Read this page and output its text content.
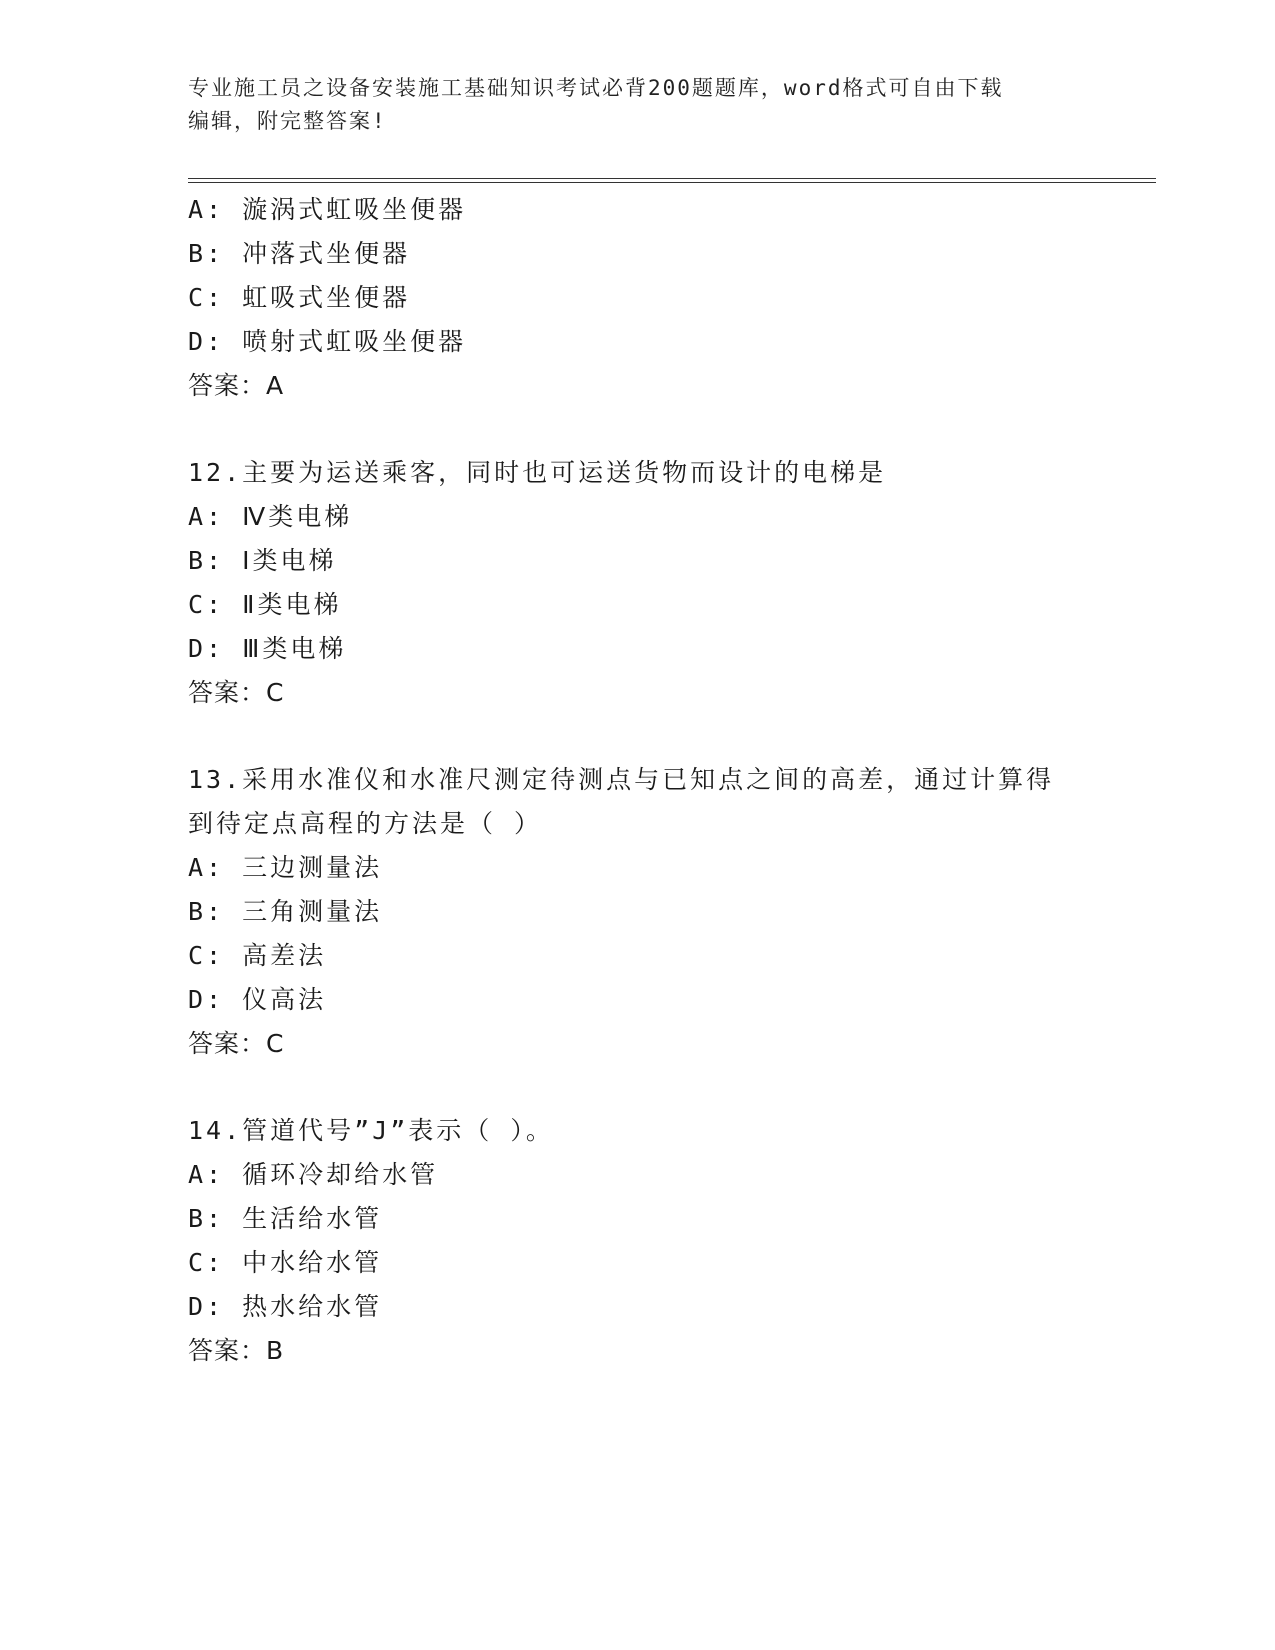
专业施工员之设备安装施工基础知识考试必背200题题库，word格式可自由下载
编辑，附完整答案!
A: 漩涡式虹吸坐便器
B: 冲落式坐便器
C: 虹吸式坐便器
D: 喷射式虹吸坐便器
答案：A
12.主要为运送乘客，同时也可运送货物而设计的电梯是
A: Ⅳ类电梯
B: Ⅰ类电梯
C: Ⅱ类电梯
D: Ⅲ类电梯
答案：C
13.采用水准仪和水准尺测定待测点与已知点之间的高差，通过计算得
到待定点高程的方法是（ ）
A: 三边测量法
B: 三角测量法
C: 高差法
D: 仪高法
答案：C
14.管道代号”J”表示（ ）。
A: 循环冷却给水管
B: 生活给水管
C: 中水给水管
D: 热水给水管
答案：B
